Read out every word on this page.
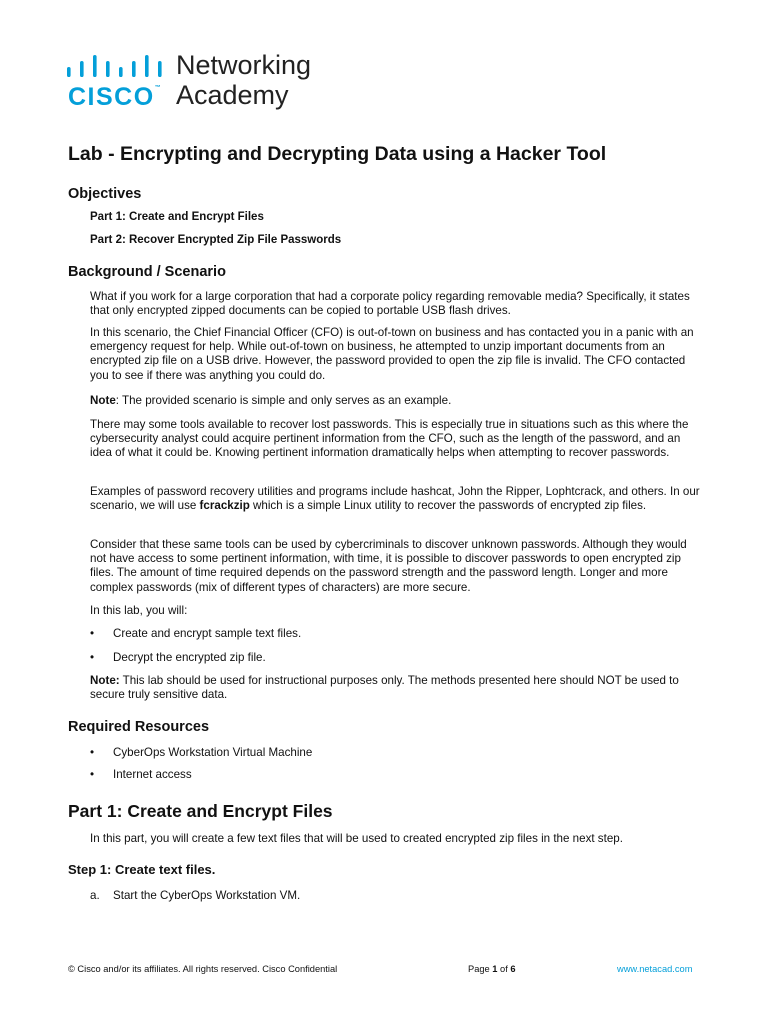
CISCO™
Networking
Academy
Lab - Encrypting and Decrypting Data using a Hacker Tool
Objectives
Part 1: Create and Encrypt Files
Part 2: Recover Encrypted Zip File Passwords
Background / Scenario
What if you work for a large corporation that had a corporate policy regarding removable media? Specifically, it states that only encrypted zipped documents can be copied to portable USB flash drives.
In this scenario, the Chief Financial Officer (CFO) is out-of-town on business and has contacted you in a panic with an emergency request for help. While out-of-town on business, he attempted to unzip important documents from an encrypted zip file on a USB drive. However, the password provided to open the zip file is invalid. The CFO contacted you to see if there was anything you could do.
Note: The provided scenario is simple and only serves as an example.
There may some tools available to recover lost passwords. This is especially true in situations such as this where the cybersecurity analyst could acquire pertinent information from the CFO, such as the length of the password, and an idea of what it could be. Knowing pertinent information dramatically helps when attempting to recover passwords.
Examples of password recovery utilities and programs include hashcat, John the Ripper, Lophtcrack, and others. In our scenario, we will use fcrackzip which is a simple Linux utility to recover the passwords of encrypted zip files.
Consider that these same tools can be used by cybercriminals to discover unknown passwords. Although they would not have access to some pertinent information, with time, it is possible to discover passwords to open encrypted zip files. The amount of time required depends on the password strength and the password length. Longer and more complex passwords (mix of different types of characters) are more secure.
In this lab, you will:
• Create and encrypt sample text files.
• Decrypt the encrypted zip file.
Note: This lab should be used for instructional purposes only. The methods presented here should NOT be used to secure truly sensitive data.
Required Resources
• CyberOps Workstation Virtual Machine
• Internet access
Part 1: Create and Encrypt Files
In this part, you will create a few text files that will be used to created encrypted zip files in the next step.
Step 1: Create text files.
a. Start the CyberOps Workstation VM.
© Cisco and/or its affiliates. All rights reserved. Cisco Confidential	Page 1 of 6	www.netacad.com
